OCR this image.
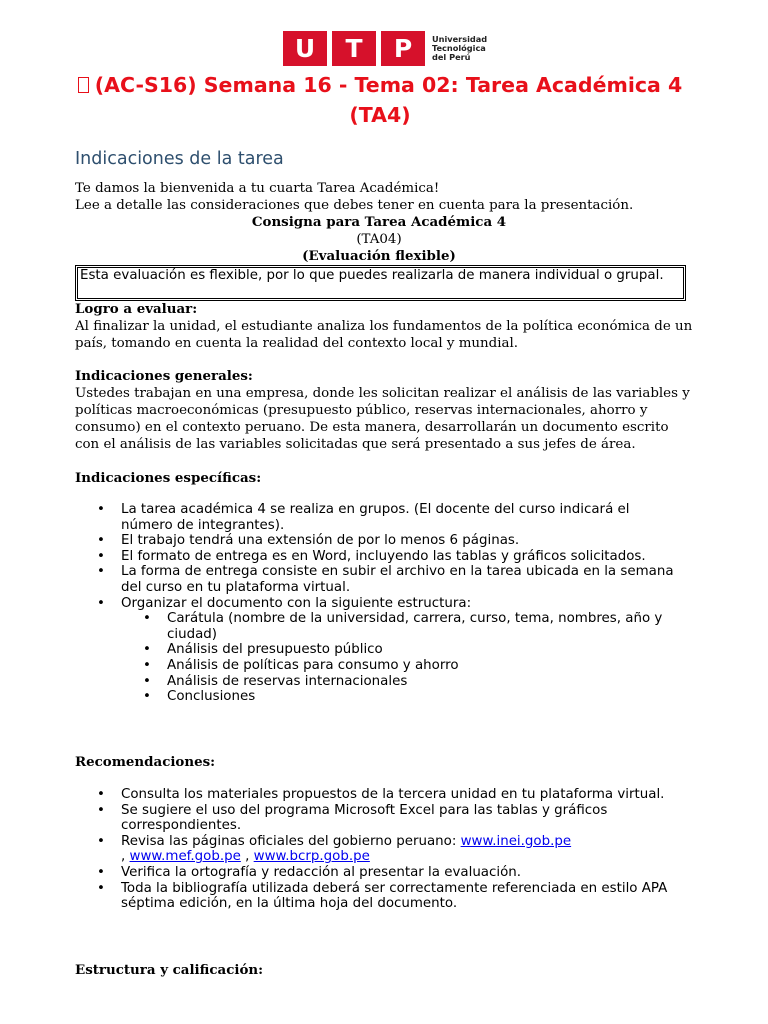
U	T	P	Universidad
Tecnológica
del Perú
(AC-S16) Semana 16 - Tema 02: Tarea Académica 4
(TA4)
Indicaciones de la tarea
Te damos la bienvenida a tu cuarta Tarea Académica!
Lee a detalle las consideraciones que debes tener en cuenta para la presentación.
Consigna para Tarea Académica 4
(TA04)
(Evaluación flexible)
Esta evaluación es flexible, por lo que puedes realizarla de manera individual o grupal.
Logro a evaluar:
Al finalizar la unidad, el estudiante analiza los fundamentos de la política económica de un país, tomando en cuenta la realidad del contexto local y mundial.
Indicaciones generales:
Ustedes trabajan en una empresa, donde les solicitan realizar el análisis de las variables y políticas macroeconómicas (presupuesto público, reservas internacionales, ahorro y consumo) en el contexto peruano. De esta manera, desarrollarán un documento escrito con el análisis de las variables solicitadas que será presentado a sus jefes de área.
Indicaciones específicas:
• La tarea académica 4 se realiza en grupos. (El docente del curso indicará el número de integrantes).
• El trabajo tendrá una extensión de por lo menos 6 páginas.
• El formato de entrega es en Word, incluyendo las tablas y gráficos solicitados.
• La forma de entrega consiste en subir el archivo en la tarea ubicada en la semana del curso en tu plataforma virtual.
• Organizar el documento con la siguiente estructura:
• Carátula (nombre de la universidad, carrera, curso, tema, nombres, año y ciudad)
• Análisis del presupuesto público
• Análisis de políticas para consumo y ahorro
• Análisis de reservas internacionales
• Conclusiones
Recomendaciones:
• Consulta los materiales propuestos de la tercera unidad en tu plataforma virtual.
• Se sugiere el uso del programa Microsoft Excel para las tablas y gráficos correspondientes.
• Revisa las páginas oficiales del gobierno peruano: www.inei.gob.pe
, www.mef.gob.pe , www.bcrp.gob.pe
• Verifica la ortografía y redacción al presentar la evaluación.
• Toda la bibliografía utilizada deberá ser correctamente referenciada en estilo APA séptima edición, en la última hoja del documento.
Estructura y calificación:
